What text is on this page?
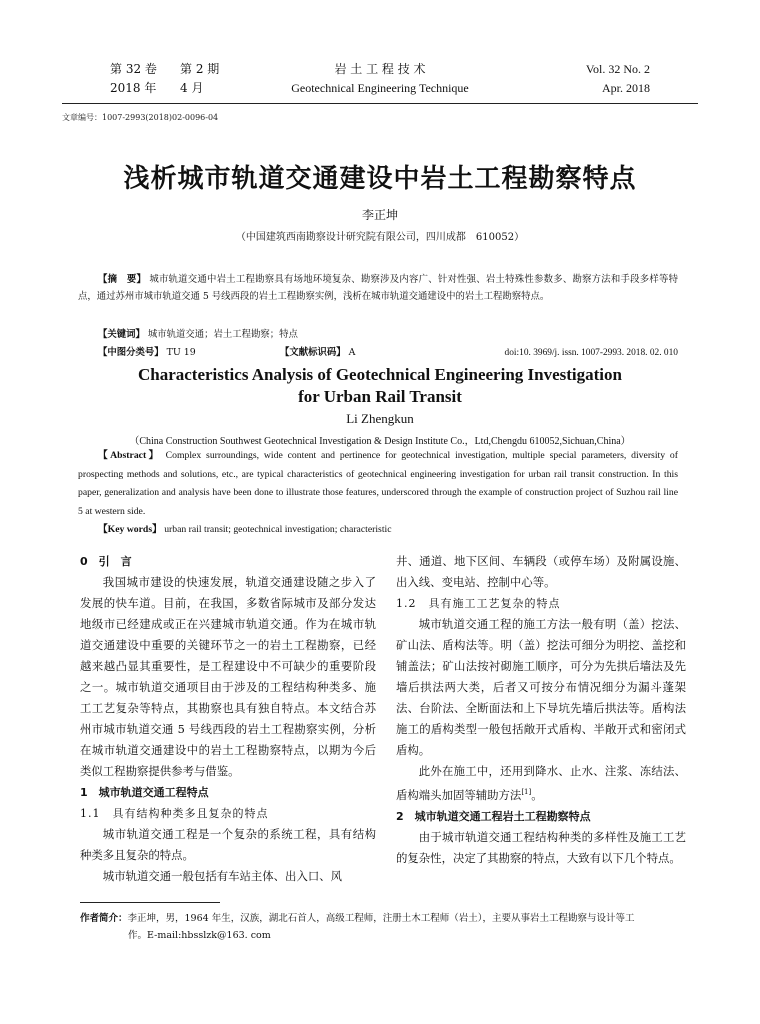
第 32 卷 第 2 期
2018 年 4 月
岩 土 工 程 技 术
Geotechnical Engineering Technique
Vol. 32 No. 2
Apr. 2018
文章编号：1007-2993(2018)02-0096-04
浅析城市轨道交通建设中岩土工程勘察特点
李正坤
（中国建筑西南勘察设计研究院有限公司，四川成都　610052）
【摘　要】 城市轨道交通中岩土工程勘察具有场地环境复杂、勘察涉及内容广、针对性强、岩土特殊性参数多、勘察方法和手段多样等特点，通过苏州市城市轨道交通 5 号线西段的岩土工程勘察实例，浅析在城市轨道交通建设中的岩土工程勘察特点。
【关键词】 城市轨道交通；岩土工程勘察；特点
【中图分类号】 TU 19	【文献标识码】 A	doi:10. 3969/j. issn. 1007-2993. 2018. 02. 010
Characteristics Analysis of Geotechnical Engineering Investigation
for Urban Rail Transit
Li Zhengkun
（China Construction Southwest Geotechnical Investigation & Design Institute Co.，Ltd,Chengdu 610052,Sichuan,China）
【Abstract】 Complex surroundings, wide content and pertinence for geotechnical investigation, multiple special parameters, diversity of prospecting methods and solutions, etc., are typical characteristics of geotechnical engineering investigation for urban rail transit construction. In this paper, generalization and analysis have been done to illustrate those features, underscored through the example of construction project of Suzhou rail line 5 at western side.
【Key words】 urban rail transit; geotechnical investigation; characteristic

0　引　言

我国城市建设的快速发展，轨道交通建设随之步入了发展的快车道。目前，在我国，多数省际城市及部分发达地级市已经建成或正在兴建城市轨道交通。作为在城市轨道交通建设中重要的关键环节之一的岩土工程勘察，已经越来越凸显其重要性，是工程建设中不可缺少的重要阶段之一。城市轨道交通项目由于涉及的工程结构种类多、施工工艺复杂等特点，其勘察也具有独自特点。本文结合苏州市城市轨道交通 5 号线西段的岩土工程勘察实例，分析在城市轨道交通建设中的岩土工程勘察特点，以期为今后类似工程勘察提供参考与借鉴。

1　城市轨道交通工程特点

1.1　具有结构种类多且复杂的特点

城市轨道交通工程是一个复杂的系统工程，具有结构种类多且复杂的特点。

城市轨道交通一般包括有车站主体、出入口、风

井、通道、地下区间、车辆段（或停车场）及附属设施、出入线、变电站、控制中心等。

1.2　具有施工工艺复杂的特点

城市轨道交通工程的施工方法一般有明（盖）挖法、矿山法、盾构法等。明（盖）挖法可细分为明挖、盖挖和铺盖法；矿山法按衬砌施工顺序，可分为先拱后墙法及先墙后拱法两大类，后者又可按分布情况细分为漏斗蓬架法、台阶法、全断面法和上下导坑先墙后拱法等。盾构法施工的盾构类型一般包括敞开式盾构、半敞开式和密闭式盾构。

此外在施工中，还用到降水、止水、注浆、冻结法、盾构端头加固等辅助方法[1]。

2　城市轨道交通工程岩土工程勘察特点

由于城市轨道交通工程结构种类的多样性及施工工艺的复杂性，决定了其勘察的特点，大致有以下几个特点。

作者简介：李正坤，男，1964 年生，汉族，湖北石首人，高级工程师，注册土木工程师（岩土），主要从事岩土工程勘察与设计等工
作。E-mail:hbsslzk@163. com
